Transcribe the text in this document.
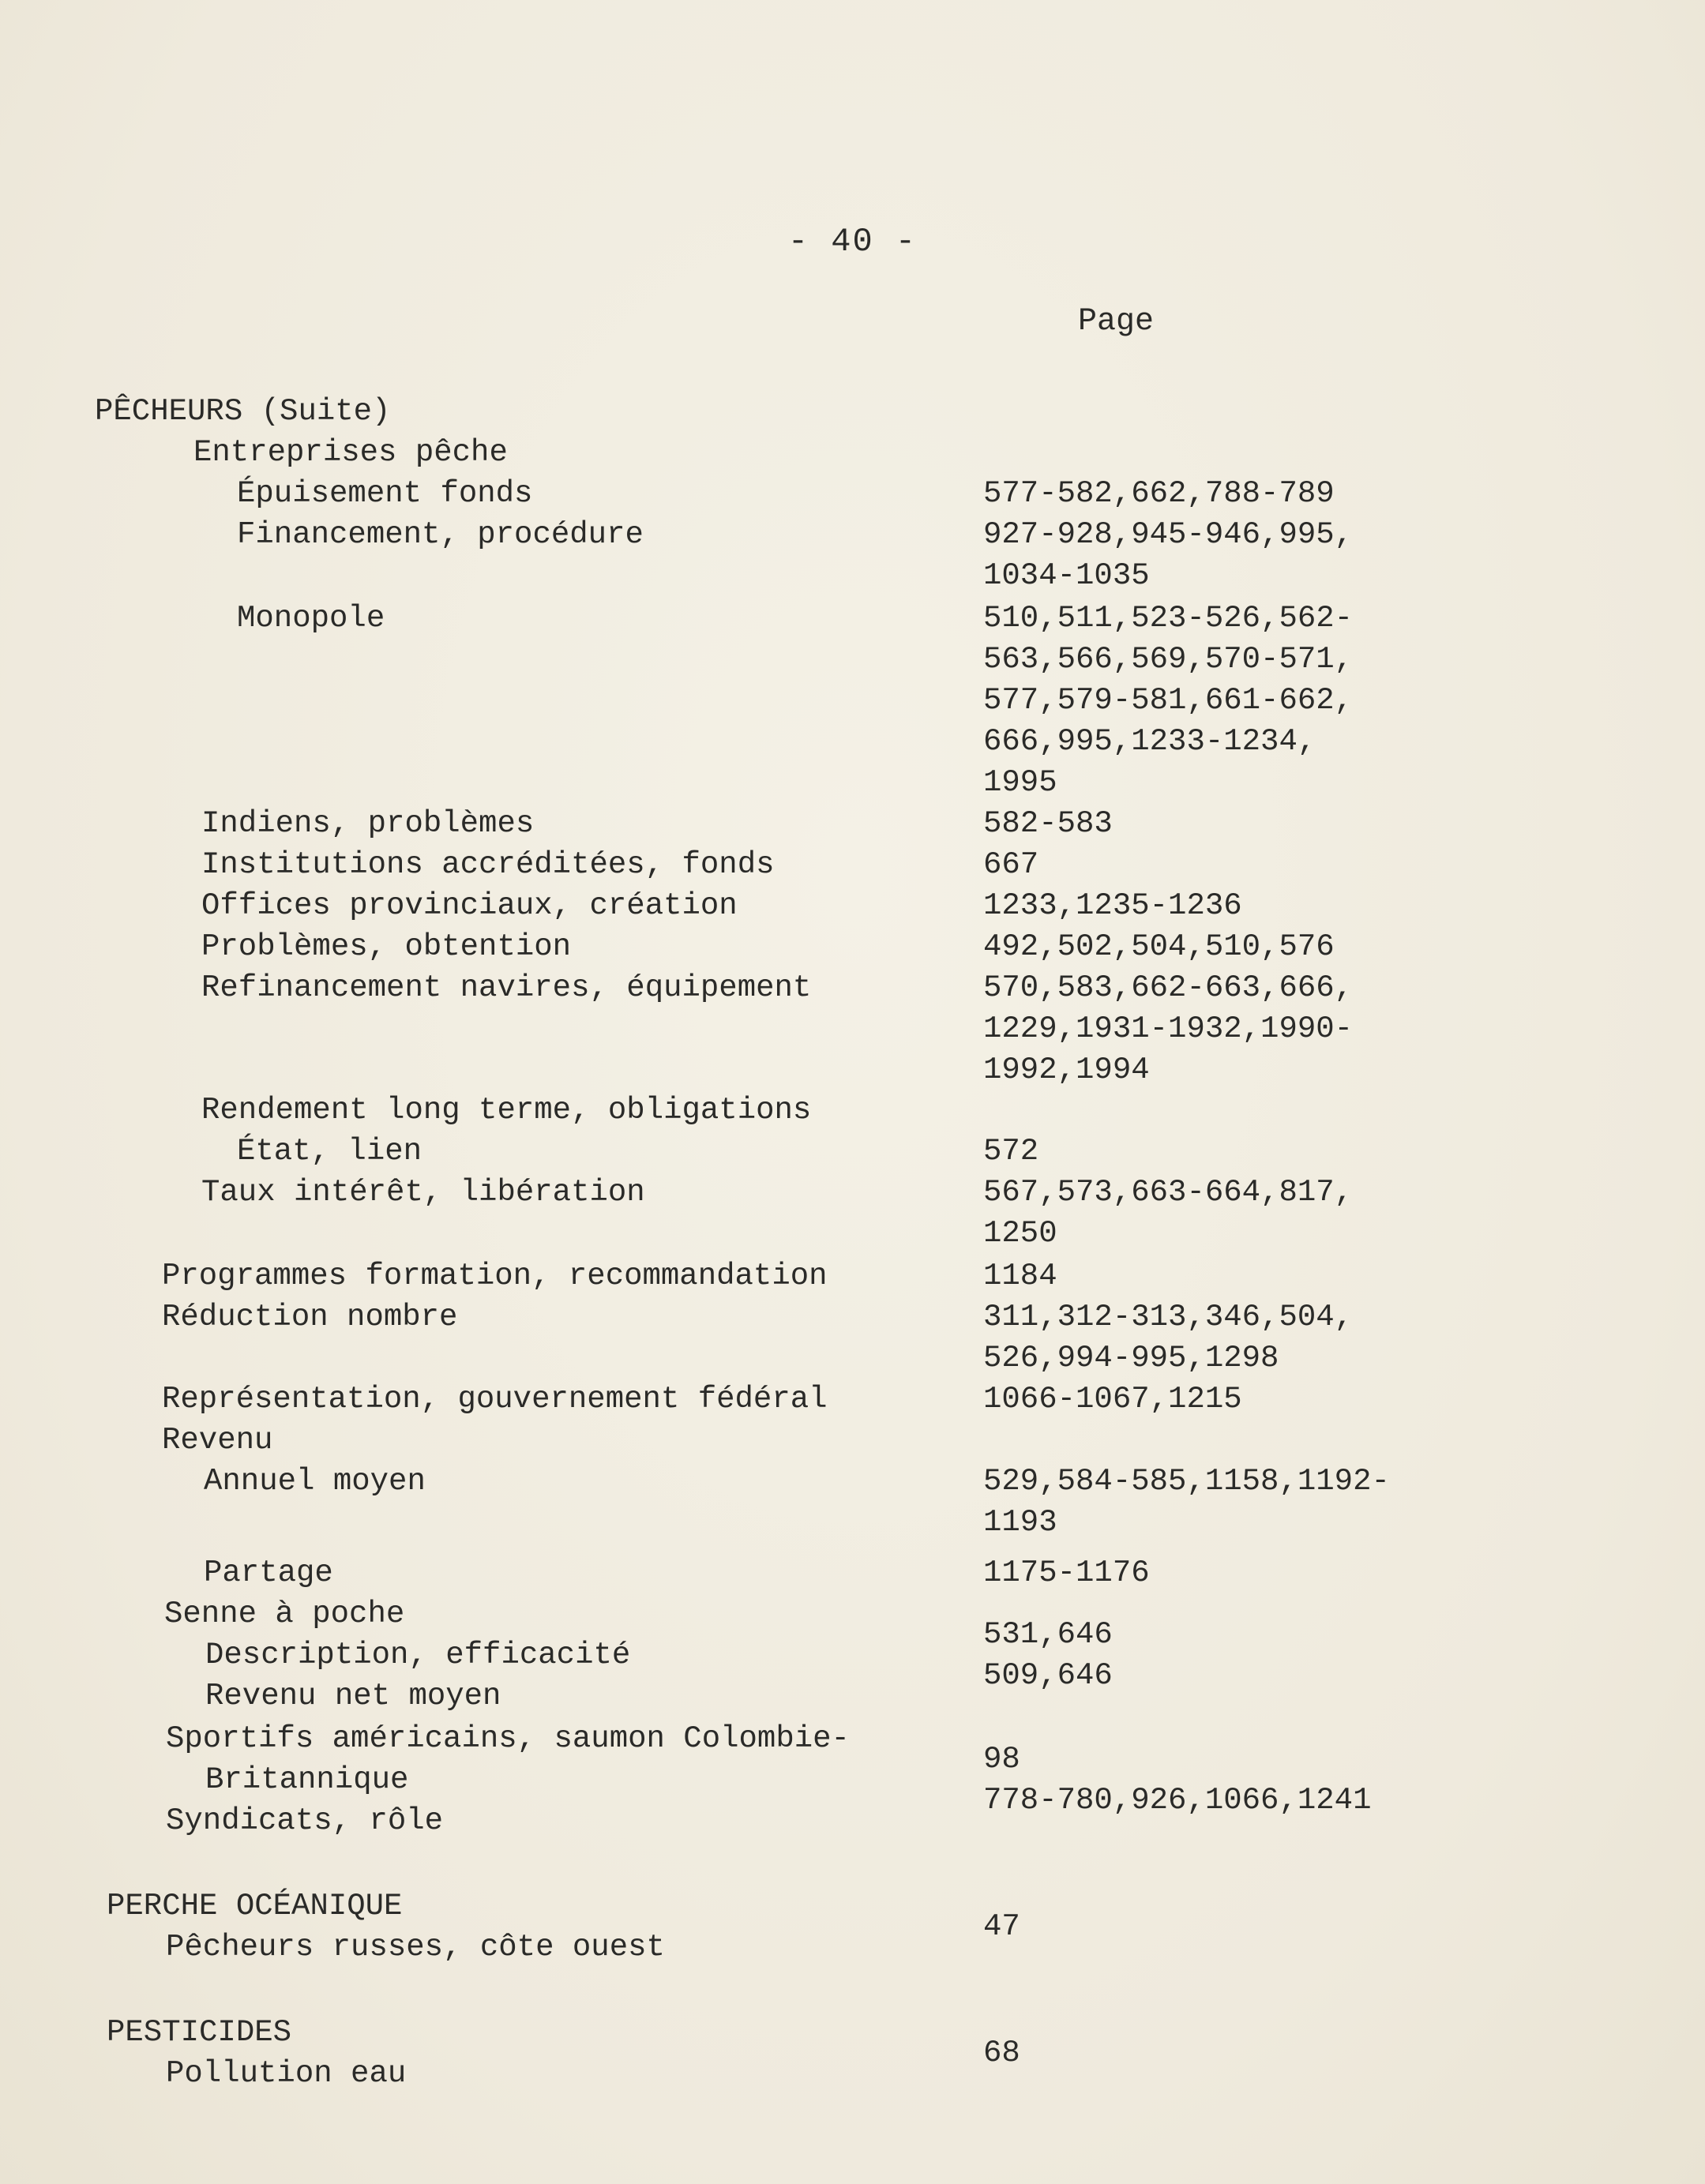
- 40 -
Page
PÊCHEURS (Suite)
Entreprises pêche
Épuisement fonds
Financement, procédure
Monopole
Indiens, problèmes
Institutions accréditées, fonds
Offices provinciaux, création
Problèmes, obtention
Refinancement navires, équipement
Rendement long terme, obligations
État, lien
Taux intérêt, libération
Programmes formation, recommandation
Réduction nombre
Représentation, gouvernement fédéral
Revenu
Annuel moyen
Partage
Senne à poche
Description, efficacité
Revenu net moyen
Sportifs américains, saumon Colombie-
Britannique
Syndicats, rôle
PERCHE OCÉANIQUE
Pêcheurs russes, côte ouest
PESTICIDES
Pollution eau
577-582,662,788-789
927-928,945-946,995,
1034-1035
510,511,523-526,562-
563,566,569,570-571,
577,579-581,661-662,
666,995,1233-1234,
1995
582-583
667
1233,1235-1236
492,502,504,510,576
570,583,662-663,666,
1229,1931-1932,1990-
1992,1994
572
567,573,663-664,817,
1250
1184
311,312-313,346,504,
526,994-995,1298
1066-1067,1215
529,584-585,1158,1192-
1193
1175-1176
531,646
509,646
98
778-780,926,1066,1241
47
68
